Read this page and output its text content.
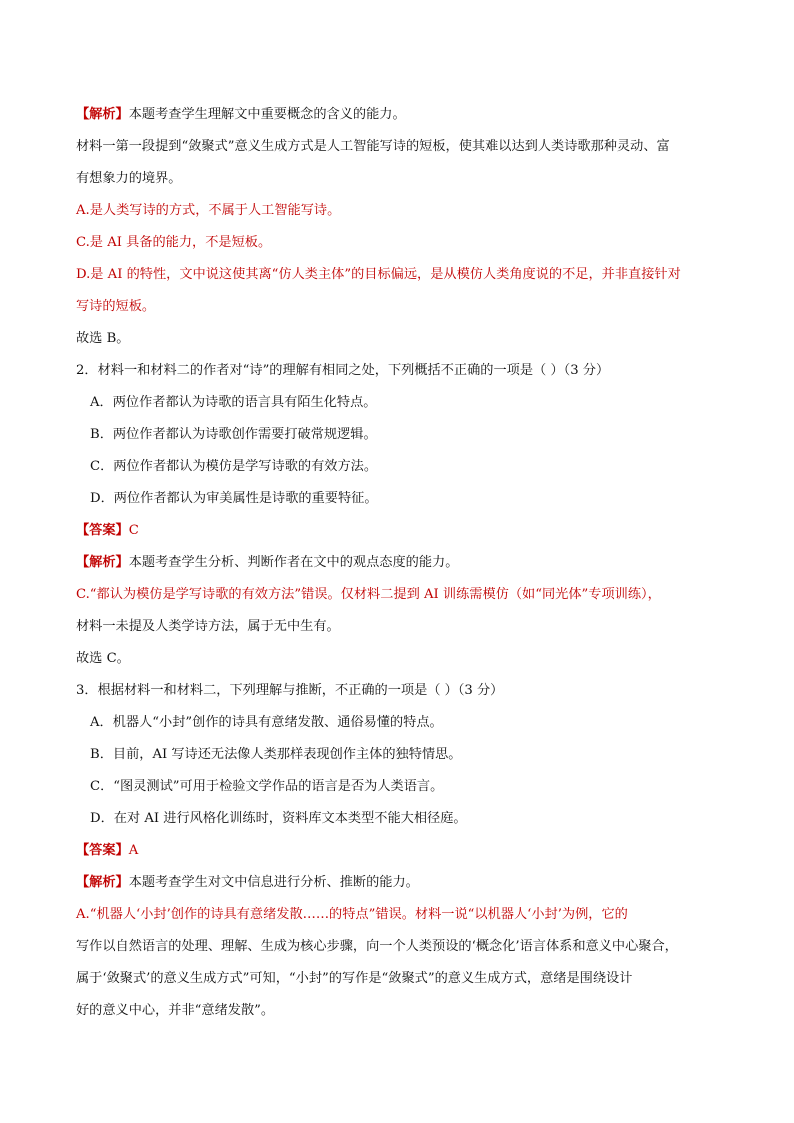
【解析】本题考查学生理解文中重要概念的含义的能力。
材料一第一段提到“敛聚式”意义生成方式是人工智能写诗的短板，使其难以达到人类诗歌那种灵动、富
有想象力的境界。
A.是人类写诗的方式，不属于人工智能写诗。
C.是 AI 具备的能力，不是短板。
D.是 AI 的特性，文中说这使其离“仿人类主体”的目标偏远，是从模仿人类角度说的不足，并非直接针对
写诗的短板。
故选 B。
2．材料一和材料二的作者对“诗”的理解有相同之处，下列概括不正确的一项是（ ）（3 分）
A．两位作者都认为诗歌的语言具有陌生化特点。
B．两位作者都认为诗歌创作需要打破常规逻辑。
C．两位作者都认为模仿是学写诗歌的有效方法。
D．两位作者都认为审美属性是诗歌的重要特征。
【答案】C
【解析】本题考查学生分析、判断作者在文中的观点态度的能力。
C.“都认为模仿是学写诗歌的有效方法”错误。仅材料二提到 AI 训练需模仿（如“同光体”专项训练），
材料一未提及人类学诗方法，属于无中生有。
故选 C。
3．根据材料一和材料二，下列理解与推断，不正确的一项是（ ）（3 分）
A．机器人“小封”创作的诗具有意绪发散、通俗易懂的特点。
B．目前，AI 写诗还无法像人类那样表现创作主体的独特情思。
C．“图灵测试”可用于检验文学作品的语言是否为人类语言。
D．在对 AI 进行风格化训练时，资料库文本类型不能大相径庭。
【答案】A
【解析】本题考查学生对文中信息进行分析、推断的能力。
A.“机器人‘小封’创作的诗具有意绪发散……的特点”错误。材料一说“以机器人‘小封’为例，它的
写作以自然语言的处理、理解、生成为核心步骤，向一个人类预设的‘概念化’语言体系和意义中心聚合，
属于‘敛聚式’的意义生成方式”可知，“小封”的写作是“敛聚式”的意义生成方式，意绪是围绕设计
好的意义中心，并非“意绪发散”。
